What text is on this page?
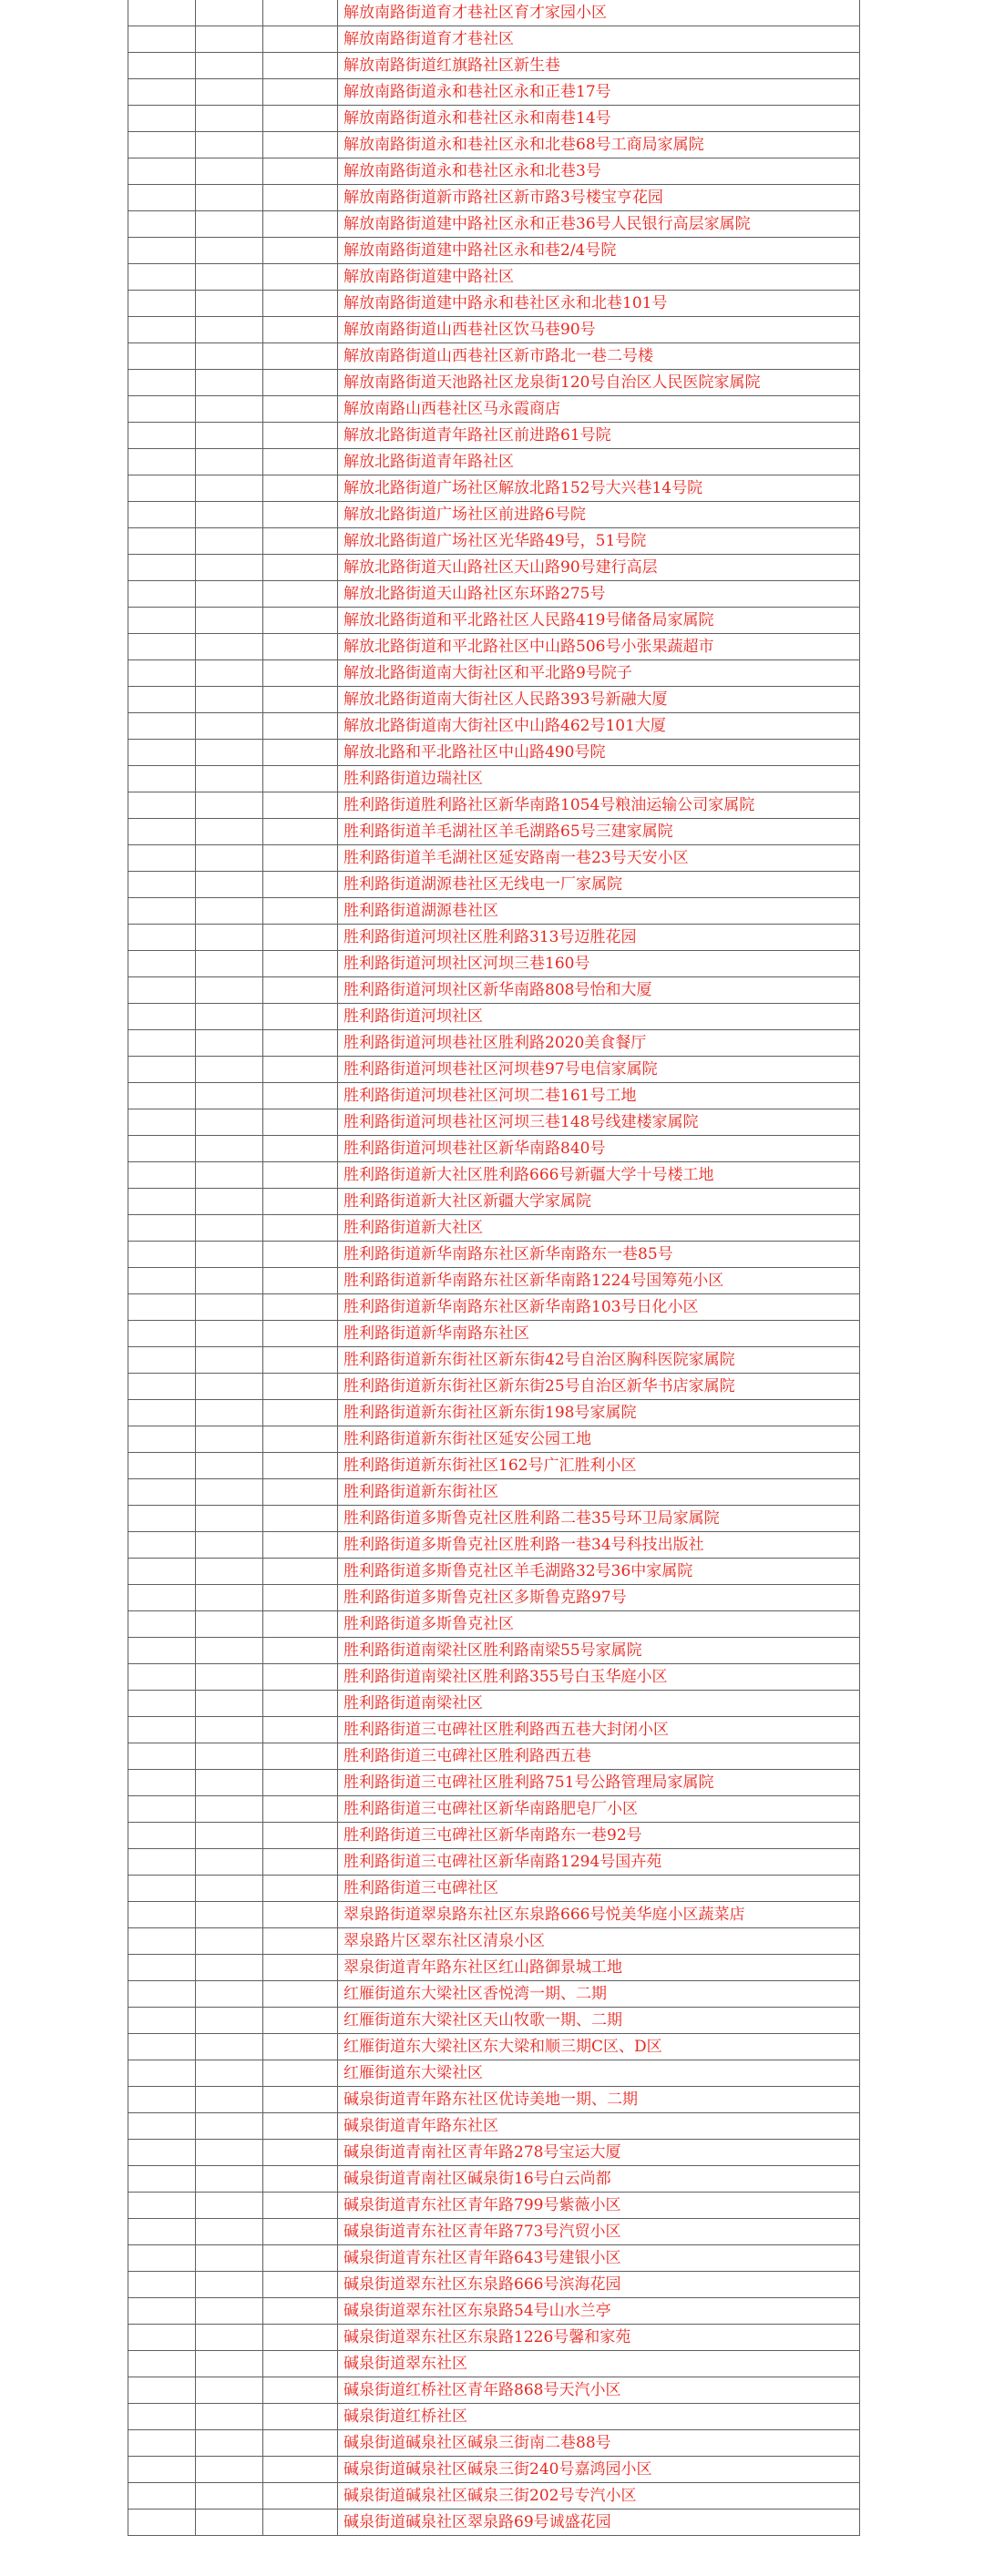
			解放南路街道育才巷社区育才家园小区
			解放南路街道育才巷社区
			解放南路街道红旗路社区新生巷
			解放南路街道永和巷社区永和正巷17号
			解放南路街道永和巷社区永和南巷14号
			解放南路街道永和巷社区永和北巷68号工商局家属院
			解放南路街道永和巷社区永和北巷3号
			解放南路街道新市路社区新市路3号楼宝亨花园
			解放南路街道建中路社区永和正巷36号人民银行高层家属院
			解放南路街道建中路社区永和巷2/4号院
			解放南路街道建中路社区
			解放南路街道建中路永和巷社区永和北巷101号
			解放南路街道山西巷社区饮马巷90号
			解放南路街道山西巷社区新市路北一巷二号楼
			解放南路街道天池路社区龙泉街120号自治区人民医院家属院
			解放南路山西巷社区马永霞商店
			解放北路街道青年路社区前进路61号院
			解放北路街道青年路社区
			解放北路街道广场社区解放北路152号大兴巷14号院
			解放北路街道广场社区前进路6号院
			解放北路街道广场社区光华路49号，51号院
			解放北路街道天山路社区天山路90号建行高层
			解放北路街道天山路社区东环路275号
			解放北路街道和平北路社区人民路419号储备局家属院
			解放北路街道和平北路社区中山路506号小张果蔬超市
			解放北路街道南大街社区和平北路9号院子
			解放北路街道南大街社区人民路393号新融大厦
			解放北路街道南大街社区中山路462号101大厦
			解放北路和平北路社区中山路490号院
			胜利路街道边瑞社区
			胜利路街道胜利路社区新华南路1054号粮油运输公司家属院
			胜利路街道羊毛湖社区羊毛湖路65号三建家属院
			胜利路街道羊毛湖社区延安路南一巷23号天安小区
			胜利路街道湖源巷社区无线电一厂家属院
			胜利路街道湖源巷社区
			胜利路街道河坝社区胜利路313号迈胜花园
			胜利路街道河坝社区河坝三巷160号
			胜利路街道河坝社区新华南路808号怡和大厦
			胜利路街道河坝社区
			胜利路街道河坝巷社区胜利路2020美食餐厅
			胜利路街道河坝巷社区河坝巷97号电信家属院
			胜利路街道河坝巷社区河坝二巷161号工地
			胜利路街道河坝巷社区河坝三巷148号线建楼家属院
			胜利路街道河坝巷社区新华南路840号
			胜利路街道新大社区胜利路666号新疆大学十号楼工地
			胜利路街道新大社区新疆大学家属院
			胜利路街道新大社区
			胜利路街道新华南路东社区新华南路东一巷85号
			胜利路街道新华南路东社区新华南路1224号国筹苑小区
			胜利路街道新华南路东社区新华南路103号日化小区
			胜利路街道新华南路东社区
			胜利路街道新东街社区新东街42号自治区胸科医院家属院
			胜利路街道新东街社区新东街25号自治区新华书店家属院
			胜利路街道新东街社区新东街198号家属院
			胜利路街道新东街社区延安公园工地
			胜利路街道新东街社区162号广汇胜利小区
			胜利路街道新东街社区
			胜利路街道多斯鲁克社区胜利路二巷35号环卫局家属院
			胜利路街道多斯鲁克社区胜利路一巷34号科技出版社
			胜利路街道多斯鲁克社区羊毛湖路32号36中家属院
			胜利路街道多斯鲁克社区多斯鲁克路97号
			胜利路街道多斯鲁克社区
			胜利路街道南梁社区胜利路南梁55号家属院
			胜利路街道南梁社区胜利路355号白玉华庭小区
			胜利路街道南梁社区
			胜利路街道三屯碑社区胜利路西五巷大封闭小区
			胜利路街道三屯碑社区胜利路西五巷
			胜利路街道三屯碑社区胜利路751号公路管理局家属院
			胜利路街道三屯碑社区新华南路肥皂厂小区
			胜利路街道三屯碑社区新华南路东一巷92号
			胜利路街道三屯碑社区新华南路1294号国卉苑
			胜利路街道三屯碑社区
			翠泉路街道翠泉路东社区东泉路666号悦美华庭小区蔬菜店
			翠泉路片区翠东社区清泉小区
			翠泉街道青年路东社区红山路御景城工地
			红雁街道东大梁社区香悦湾一期、二期
			红雁街道东大梁社区天山牧歌一期、二期
			红雁街道东大梁社区东大梁和顺三期C区、D区
			红雁街道东大梁社区
			碱泉街道青年路东社区优诗美地一期、二期
			碱泉街道青年路东社区
			碱泉街道青南社区青年路278号宝运大厦
			碱泉街道青南社区碱泉街16号白云尚都
			碱泉街道青东社区青年路799号紫薇小区
			碱泉街道青东社区青年路773号汽贸小区
			碱泉街道青东社区青年路643号建银小区
			碱泉街道翠东社区东泉路666号滨海花园
			碱泉街道翠东社区东泉路54号山水兰亭
			碱泉街道翠东社区东泉路1226号馨和家苑
			碱泉街道翠东社区
			碱泉街道红桥社区青年路868号天汽小区
			碱泉街道红桥社区
			碱泉街道碱泉社区碱泉三街南二巷88号
			碱泉街道碱泉社区碱泉三街240号嘉鸿园小区
			碱泉街道碱泉社区碱泉三街202号专汽小区
			碱泉街道碱泉社区翠泉路69号诚盛花园
